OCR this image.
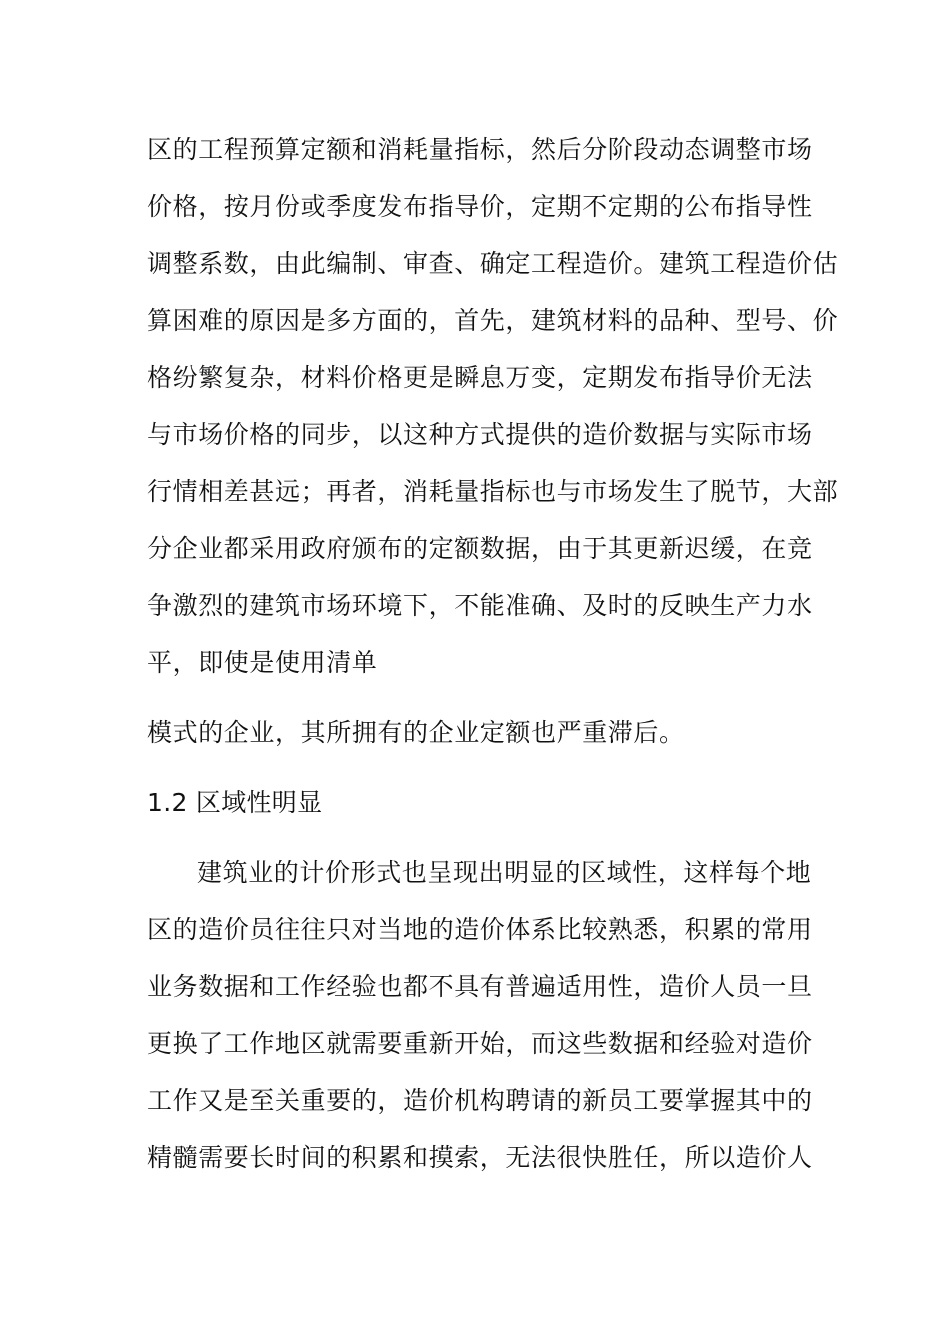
区的工程预算定额和消耗量指标，然后分阶段动态调整市场
价格，按月份或季度发布指导价，定期不定期的公布指导性
调整系数，由此编制、审查、确定工程造价。建筑工程造价估
算困难的原因是多方面的，首先，建筑材料的品种、型号、价
格纷繁复杂，材料价格更是瞬息万变，定期发布指导价无法
与市场价格的同步，以这种方式提供的造价数据与实际市场
行情相差甚远；再者，消耗量指标也与市场发生了脱节，大部
分企业都采用政府颁布的定额数据，由于其更新迟缓，在竞
争激烈的建筑市场环境下，不能准确、及时的反映生产力水
平，即使是使用清单
模式的企业，其所拥有的企业定额也严重滞后。
1.2 区域性明显
建筑业的计价形式也呈现出明显的区域性，这样每个地
区的造价员往往只对当地的造价体系比较熟悉，积累的常用
业务数据和工作经验也都不具有普遍适用性，造价人员一旦
更换了工作地区就需要重新开始，而这些数据和经验对造价
工作又是至关重要的，造价机构聘请的新员工要掌握其中的
精髓需要长时间的积累和摸索，无法很快胜任，所以造价人
